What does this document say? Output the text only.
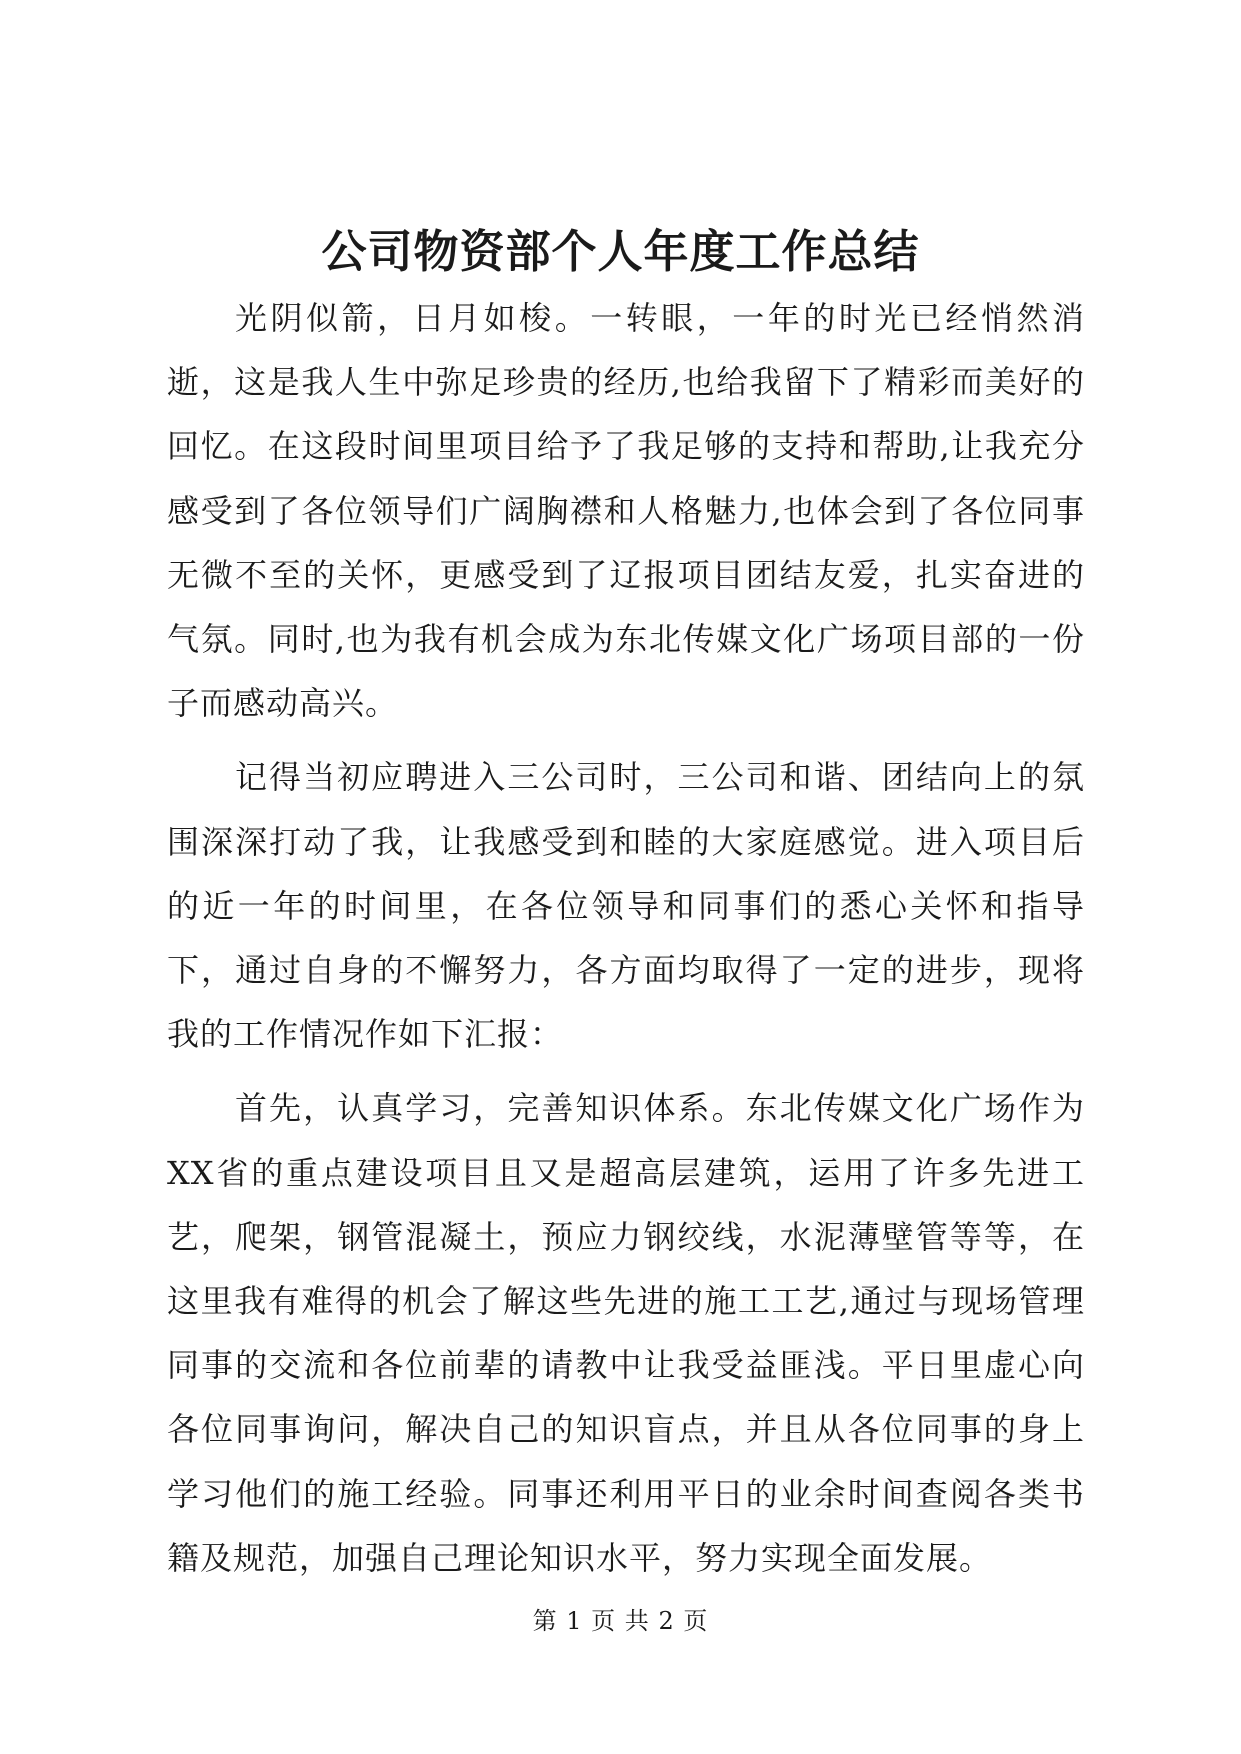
公司物资部个人年度工作总结

光阴似箭，日月如梭。一转眼，一年的时光已经悄然消逝，这是我人生中弥足珍贵的经历,也给我留下了精彩而美好的回忆。在这段时间里项目给予了我足够的支持和帮助,让我充分感受到了各位领导们广阔胸襟和人格魅力,也体会到了各位同事无微不至的关怀，更感受到了辽报项目团结友爱，扎实奋进的气氛。同时,也为我有机会成为东北传媒文化广场项目部的一份子而感动高兴。

记得当初应聘进入三公司时，三公司和谐、团结向上的氛围深深打动了我，让我感受到和睦的大家庭感觉。进入项目后的近一年的时间里，在各位领导和同事们的悉心关怀和指导下，通过自身的不懈努力，各方面均取得了一定的进步，现将我的工作情况作如下汇报：

首先，认真学习，完善知识体系。东北传媒文化广场作为XX省的重点建设项目且又是超高层建筑，运用了许多先进工艺，爬架，钢管混凝土，预应力钢绞线，水泥薄壁管等等，在这里我有难得的机会了解这些先进的施工工艺,通过与现场管理同事的交流和各位前辈的请教中让我受益匪浅。平日里虚心向各位同事询问，解决自己的知识盲点，并且从各位同事的身上学习他们的施工经验。同事还利用平日的业余时间查阅各类书籍及规范，加强自己理论知识水平，努力实现全面发展。

第 1 页 共 2 页
